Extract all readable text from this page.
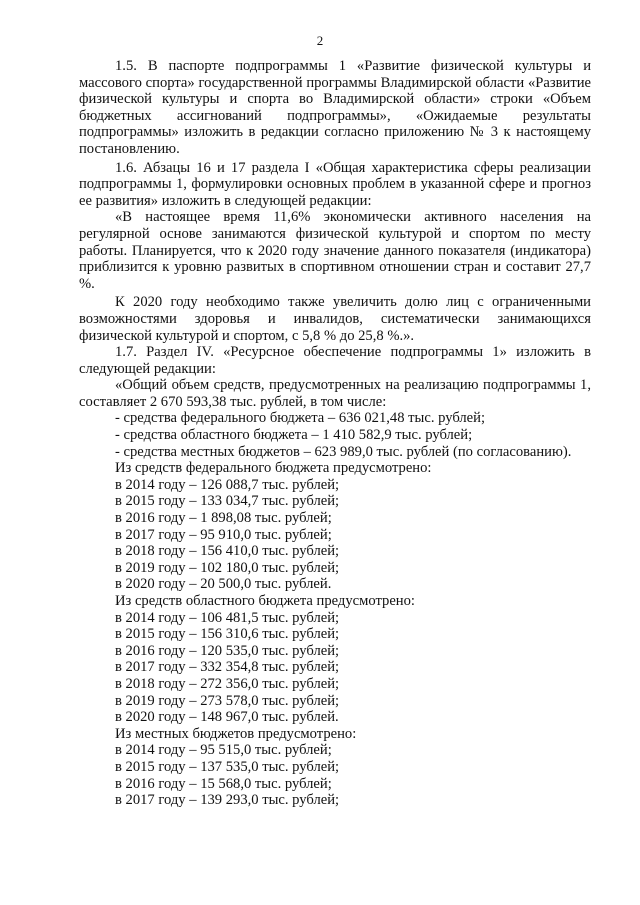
2

1.5. В паспорте подпрограммы 1 «Развитие физической культуры и массового спорта» государственной программы Владимирской области «Развитие физической культуры и спорта во Владимирской области» строки «Объем бюджетных ассигнований подпрограммы», «Ожидаемые результаты подпрограммы» изложить в редакции согласно приложению № 3 к настоящему постановлению.

1.6. Абзацы 16 и 17 раздела I «Общая характеристика сферы реализации подпрограммы 1, формулировки основных проблем в указанной сфере и прогноз ее развития» изложить в следующей редакции:

«В настоящее время 11,6% экономически активного населения на регулярной основе занимаются физической культурой и спортом по месту работы. Планируется, что к 2020 году значение данного показателя (индикатора) приблизится к уровню развитых в спортивном отношении стран и составит 27,7 %.

К 2020 году необходимо также увеличить долю лиц с ограниченными возможностями здоровья и инвалидов, систематически занимающихся физической культурой и спортом, с 5,8 % до 25,8 %.».

1.7. Раздел IV. «Ресурсное обеспечение подпрограммы 1» изложить в следующей редакции:

«Общий объем средств, предусмотренных на реализацию подпрограммы 1, составляет 2 670 593,38 тыс. рублей, в том числе:

- средства федерального бюджета – 636 021,48 тыс. рублей;

- средства областного бюджета – 1 410 582,9 тыс. рублей;

- средства местных бюджетов – 623 989,0 тыс. рублей (по согласованию).

Из средств федерального бюджета предусмотрено:

в 2014 году – 126 088,7 тыс. рублей;

в 2015 году – 133 034,7 тыс. рублей;

в 2016 году – 1 898,08 тыс. рублей;

в 2017 году – 95 910,0 тыс. рублей;

в 2018 году – 156 410,0 тыс. рублей;

в 2019 году – 102 180,0 тыс. рублей;

в 2020 году – 20 500,0 тыс. рублей.

Из средств областного бюджета предусмотрено:

в 2014 году – 106 481,5 тыс. рублей;

в 2015 году – 156 310,6 тыс. рублей;

в 2016 году – 120 535,0 тыс. рублей;

в 2017 году – 332 354,8 тыс. рублей;

в 2018 году – 272 356,0 тыс. рублей;

в 2019 году – 273 578,0 тыс. рублей;

в 2020 году – 148 967,0 тыс. рублей.

Из местных бюджетов предусмотрено:

в 2014 году – 95 515,0 тыс. рублей;

в 2015 году – 137 535,0 тыс. рублей;

в 2016 году – 15 568,0 тыс. рублей;

в 2017 году – 139 293,0 тыс. рублей;
